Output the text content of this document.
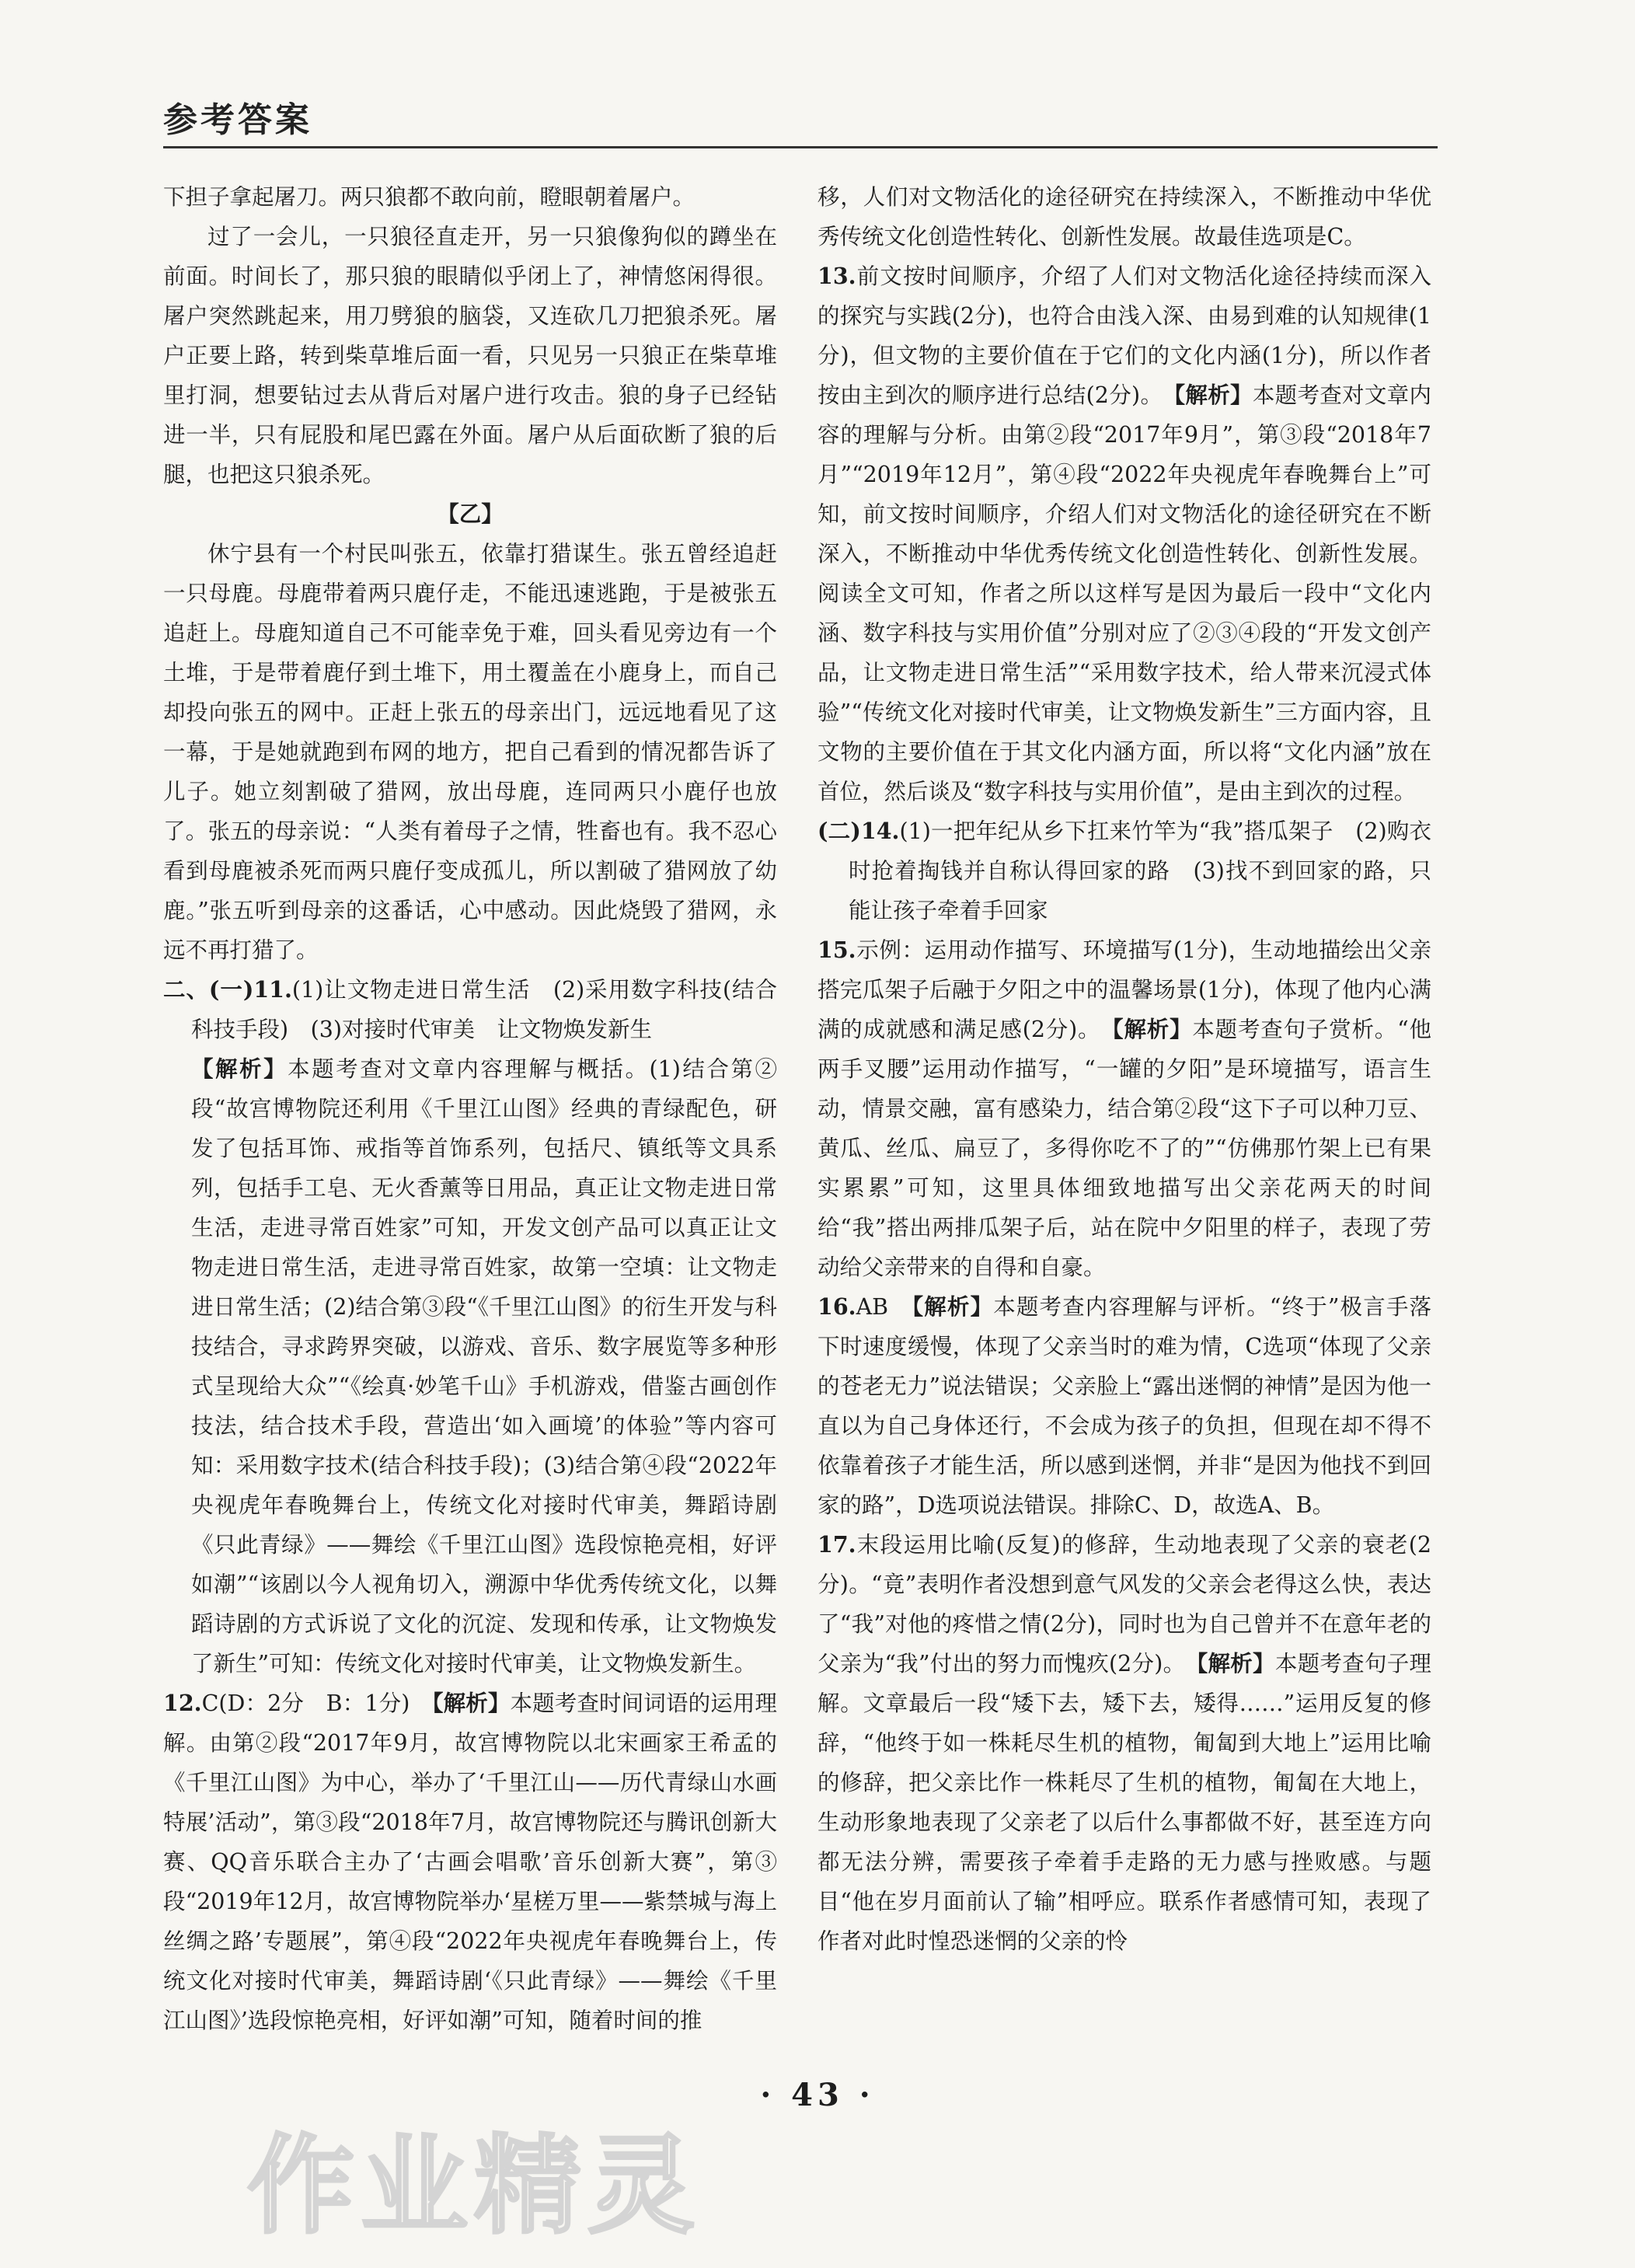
参考答案

下担子拿起屠刀。两只狼都不敢向前，瞪眼朝着屠户。

过了一会儿，一只狼径直走开，另一只狼像狗似的蹲坐在前面。时间长了，那只狼的眼睛似乎闭上了，神情悠闲得很。屠户突然跳起来，用刀劈狼的脑袋，又连砍几刀把狼杀死。屠户正要上路，转到柴草堆后面一看，只见另一只狼正在柴草堆里打洞，想要钻过去从背后对屠户进行攻击。狼的身子已经钻进一半，只有屁股和尾巴露在外面。屠户从后面砍断了狼的后腿，也把这只狼杀死。

【乙】

休宁县有一个村民叫张五，依靠打猎谋生。张五曾经追赶一只母鹿。母鹿带着两只鹿仔走，不能迅速逃跑，于是被张五追赶上。母鹿知道自己不可能幸免于难，回头看见旁边有一个土堆，于是带着鹿仔到土堆下，用土覆盖在小鹿身上，而自己却投向张五的网中。正赶上张五的母亲出门，远远地看见了这一幕，于是她就跑到布网的地方，把自己看到的情况都告诉了儿子。她立刻割破了猎网，放出母鹿，连同两只小鹿仔也放了。张五的母亲说：“人类有着母子之情，牲畜也有。我不忍心看到母鹿被杀死而两只鹿仔变成孤儿，所以割破了猎网放了幼鹿。”张五听到母亲的这番话，心中感动。因此烧毁了猎网，永远不再打猎了。

二、(一)11.(1)让文物走进日常生活　(2)采用数字科技(结合科技手段)　(3)对接时代审美　让文物焕发新生

【解析】本题考查对文章内容理解与概括。(1)结合第②段“故宫博物院还利用《千里江山图》经典的青绿配色，研发了包括耳饰、戒指等首饰系列，包括尺、镇纸等文具系列，包括手工皂、无火香薰等日用品，真正让文物走进日常生活，走进寻常百姓家”可知，开发文创产品可以真正让文物走进日常生活，走进寻常百姓家，故第一空填：让文物走进日常生活；(2)结合第③段“《千里江山图》的衍生开发与科技结合，寻求跨界突破，以游戏、音乐、数字展览等多种形式呈现给大众”“《绘真·妙笔千山》手机游戏，借鉴古画创作技法，结合技术手段，营造出‘如入画境’的体验”等内容可知：采用数字技术(结合科技手段)；(3)结合第④段“2022年央视虎年春晚舞台上，传统文化对接时代审美，舞蹈诗剧《只此青绿》——舞绘《千里江山图》选段惊艳亮相，好评如潮”“该剧以今人视角切入，溯源中华优秀传统文化，以舞蹈诗剧的方式诉说了文化的沉淀、发现和传承，让文物焕发了新生”可知：传统文化对接时代审美，让文物焕发新生。

12.C(D：2分　B：1分)　 【解析】本题考查时间词语的运用理解。由第②段“2017年9月，故宫博物院以北宋画家王希孟的《千里江山图》为中心，举办了‘千里江山——历代青绿山水画特展’活动”，第③段“2018年7月，故宫博物院还与腾讯创新大赛、QQ音乐联合主办了‘古画会唱歌’音乐创新大赛”，第③段“2019年12月，故宫博物院举办‘星槎万里——紫禁城与海上丝绸之路’专题展”，第④段“2022年央视虎年春晚舞台上，传统文化对接时代审美，舞蹈诗剧‘《只此青绿》——舞绘《千里江山图》’选段惊艳亮相，好评如潮”可知，随着时间的推

移，人们对文物活化的途径研究在持续深入，不断推动中华优秀传统文化创造性转化、创新性发展。故最佳选项是C。

13.前文按时间顺序，介绍了人们对文物活化途径持续而深入的探究与实践(2分)，也符合由浅入深、由易到难的认知规律(1分)，但文物的主要价值在于它们的文化内涵(1分)，所以作者按由主到次的顺序进行总结(2分)。　 【解析】本题考查对文章内容的理解与分析。由第②段“2017年9月”，第③段“2018年7月”“2019年12月”，第④段“2022年央视虎年春晚舞台上”可知，前文按时间顺序，介绍人们对文物活化的途径研究在不断深入，不断推动中华优秀传统文化创造性转化、创新性发展。阅读全文可知，作者之所以这样写是因为最后一段中“文化内涵、数字科技与实用价值”分别对应了②③④段的“开发文创产品，让文物走进日常生活”“采用数字技术，给人带来沉浸式体验”“传统文化对接时代审美，让文物焕发新生”三方面内容，且文物的主要价值在于其文化内涵方面，所以将“文化内涵”放在首位，然后谈及“数字科技与实用价值”，是由主到次的过程。

(二)14.(1)一把年纪从乡下扛来竹竿为“我”搭瓜架子　(2)购衣时抢着掏钱并自称认得回家的路　(3)找不到回家的路，只能让孩子牵着手回家

15.示例：运用动作描写、环境描写(1分)，生动地描绘出父亲搭完瓜架子后融于夕阳之中的温馨场景(1分)，体现了他内心满满的成就感和满足感(2分)。　 【解析】本题考查句子赏析。“他两手叉腰”运用动作描写，“一罐的夕阳”是环境描写，语言生动，情景交融，富有感染力，结合第②段“这下子可以种刀豆、黄瓜、丝瓜、扁豆了，多得你吃不了的”“仿佛那竹架上已有果实累累”可知，这里具体细致地描写出父亲花两天的时间给“我”搭出两排瓜架子后，站在院中夕阳里的样子，表现了劳动给父亲带来的自得和自豪。

16.AB　 【解析】本题考查内容理解与评析。“终于”极言手落下时速度缓慢，体现了父亲当时的难为情，C选项“体现了父亲的苍老无力”说法错误；父亲脸上“露出迷惘的神情”是因为他一直以为自己身体还行，不会成为孩子的负担，但现在却不得不依靠着孩子才能生活，所以感到迷惘，并非“是因为他找不到回家的路”，D选项说法错误。排除C、D，故选A、B。

17.末段运用比喻(反复)的修辞，生动地表现了父亲的衰老(2分)。“竟”表明作者没想到意气风发的父亲会老得这么快，表达了“我”对他的疼惜之情(2分)，同时也为自己曾并不在意年老的父亲为“我”付出的努力而愧疚(2分)。　 【解析】本题考查句子理解。文章最后一段“矮下去，矮下去，矮得……”运用反复的修辞，“他终于如一株耗尽生机的植物，匍匐到大地上”运用比喻的修辞，把父亲比作一株耗尽了生机的植物，匍匐在大地上，生动形象地表现了父亲老了以后什么事都做不好，甚至连方向都无法分辨，需要孩子牵着手走路的无力感与挫败感。与题目“他在岁月面前认了输”相呼应。联系作者感情可知，表现了作者对此时惶恐迷惘的父亲的怜

· 43 ·
作业精灵
